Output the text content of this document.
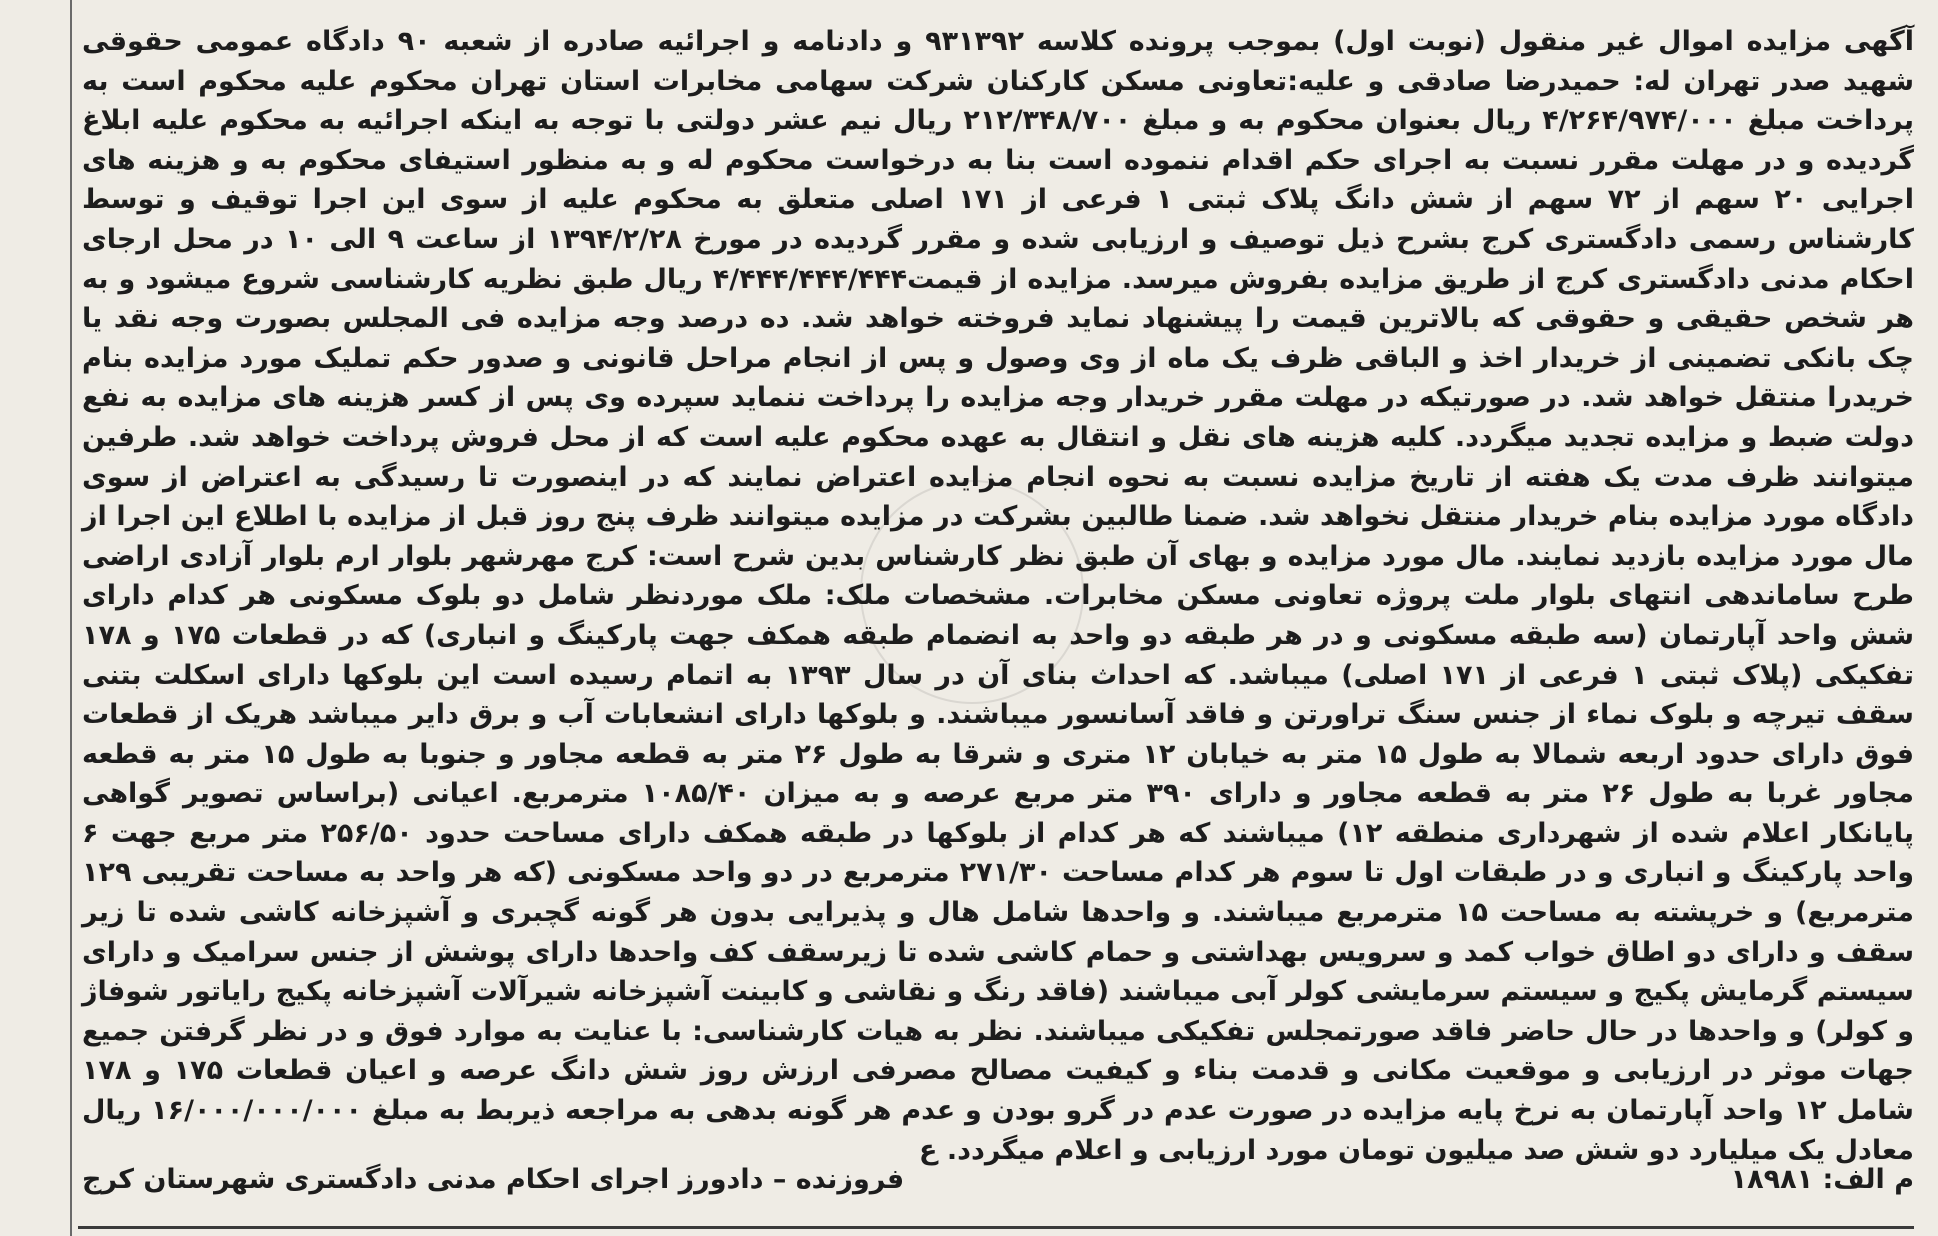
آگهی مزایده اموال غیر منقول (نوبت اول) بموجب پرونده کلاسه ۹۳۱۳۹۲ و دادنامه و اجرائیه صادره از شعبه ۹۰ دادگاه عمومی حقوقی شهید صدر تهران له: حمیدرضا صادقی و علیه:تعاونی مسکن کارکنان شرکت سهامی مخابرات استان تهران محکوم علیه محکوم است به پرداخت مبلغ ۴/۲۶۴/۹۷۴/۰۰۰ ریال بعنوان محکوم به و مبلغ ۲۱۲/۳۴۸/۷۰۰ ریال نیم عشر دولتی با توجه به اینکه اجرائیه به محکوم علیه ابلاغ گردیده و در مهلت مقرر نسبت به اجرای حکم اقدام ننموده است بنا به درخواست محکوم له و به منظور استیفای محکوم به و هزینه های اجرایی ۲۰ سهم از ۷۲ سهم از شش دانگ پلاک ثبتی ۱ فرعی از ۱۷۱ اصلی متعلق به محکوم علیه از سوی این اجرا توقیف و توسط کارشناس رسمی دادگستری کرج بشرح ذیل توصیف و ارزیابی شده و مقرر گردیده در مورخ ۱۳۹۴/۲/۲۸ از ساعت ۹ الی ۱۰ در محل ارجای احکام مدنی دادگستری کرج از طریق مزایده بفروش میرسد. مزایده از قیمت۴/۴۴۴/۴۴۴/۴۴۴ ریال طبق نظریه کارشناسی شروع میشود و به هر شخص حقیقی و حقوقی که بالاترین قیمت را پیشنهاد نماید فروخته خواهد شد. ده درصد وجه مزایده فی المجلس بصورت وجه نقد یا چک بانکی تضمینی از خریدار اخذ و الباقی ظرف یک ماه از وی وصول و پس از انجام مراحل قانونی و صدور حکم تملیک مورد مزایده بنام خریدرا منتقل خواهد شد. در صورتیکه در مهلت مقرر خریدار وجه مزایده را پرداخت ننماید سپرده وی پس از کسر هزینه های مزایده به نفع دولت ضبط و مزایده تجدید میگردد. کلیه هزینه های نقل و انتقال به عهده محکوم علیه است که از محل فروش پرداخت خواهد شد. طرفین میتوانند ظرف مدت یک هفته از تاریخ مزایده نسبت به نحوه انجام مزایده اعتراض نمایند که در اینصورت تا رسیدگی به اعتراض از سوی دادگاه مورد مزایده بنام خریدار منتقل نخواهد شد. ضمنا طالبین بشرکت در مزایده میتوانند ظرف پنج روز قبل از مزایده با اطلاع این اجرا از مال مورد مزایده بازدید نمایند. مال مورد مزایده و بهای آن طبق نظر کارشناس بدین شرح است: کرج مهرشهر بلوار ارم بلوار آزادی اراضی طرح ساماندهی انتهای بلوار ملت پروژه تعاونی مسکن مخابرات. مشخصات ملک: ملک موردنظر شامل دو بلوک مسکونی هر کدام دارای شش واحد آپارتمان (سه طبقه مسکونی و در هر طبقه دو واحد به انضمام طبقه همکف جهت پارکینگ و انباری) که در قطعات ۱۷۵ و ۱۷۸ تفکیکی (پلاک ثبتی ۱ فرعی از ۱۷۱ اصلی) میباشد. که احداث بنای آن در سال ۱۳۹۳ به اتمام رسیده است این بلوکها دارای اسکلت بتنی سقف تیرچه و بلوک نماء از جنس سنگ تراورتن و فاقد آسانسور میباشند. و بلوکها دارای انشعابات آب و برق دایر میباشد هریک از قطعات فوق دارای حدود اربعه شمالا به طول ۱۵ متر به خیابان ۱۲ متری و شرقا به طول ۲۶ متر به قطعه مجاور و جنوبا به طول ۱۵ متر به قطعه مجاور غربا به طول ۲۶ متر به قطعه مجاور و دارای ۳۹۰ متر مربع عرصه و به میزان ۱۰۸۵/۴۰ مترمربع. اعیانی (براساس تصویر گواهی پایانکار اعلام شده از شهرداری منطقه ۱۲) میباشند که هر کدام از بلوکها در طبقه همکف دارای مساحت حدود ۲۵۶/۵۰ متر مربع جهت ۶ واحد پارکینگ و انباری و در طبقات اول تا سوم هر کدام مساحت ۲۷۱/۳۰ مترمربع در دو واحد مسکونی (که هر واحد به مساحت تقریبی ۱۲۹ مترمربع) و خرپشته به مساحت ۱۵ مترمربع میباشند. و واحدها شامل هال و پذیرایی بدون هر گونه گچبری و آشپزخانه کاشی شده تا زیر سقف و دارای دو اطاق خواب کمد و سرویس بهداشتی و حمام کاشی شده تا زیرسقف کف واحدها دارای پوشش از جنس سرامیک و دارای سیستم گرمایش پکیج و سیستم سرمایشی کولر آبی میباشند (فاقد رنگ و نقاشی و کابینت آشپزخانه شیرآلات آشپزخانه پکیج رایاتور شوفاژ و کولر) و واحدها در حال حاضر فاقد صورتمجلس تفکیکی میباشند. نظر به هیات کارشناسی: با عنایت به موارد فوق و در نظر گرفتن جمیع جهات موثر در ارزیابی و موقعیت مکانی و قدمت بناء و کیفیت مصالح مصرفی ارزش روز شش دانگ عرصه و اعیان قطعات ۱۷۵ و ۱۷۸ شامل ۱۲ واحد آپارتمان به نرخ پایه مزایده در صورت عدم در گرو بودن و عدم هر گونه بدهی به مراجعه ذیربط به مبلغ ۱۶/۰۰۰/۰۰۰/۰۰۰ ریال معادل یک میلیارد دو شش صد میلیون تومان مورد ارزیابی و اعلام میگردد. ع

م الف: ۱۸۹۸۱
فروزنده – دادورز اجرای احکام مدنی دادگستری شهرستان کرج
